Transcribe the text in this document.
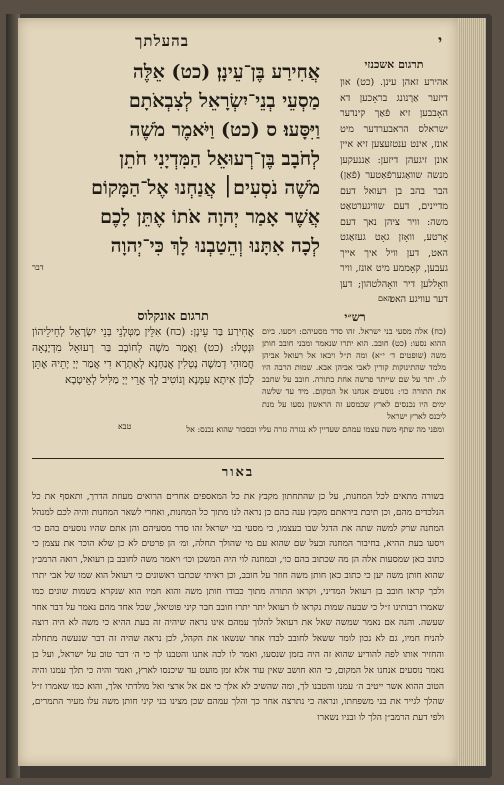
י
בהעלתך
תרגום אשכנזי

אהירע זאהן עינן. (כט) און דיזער אַרָנונג בראָכען דא האָבבען זיא פֿאַך קינדער ישראלס הראבערדער מיט אונז, אינט ענטזעצען זיא איין אונן זיגעהן דיזען: אַננעקען מנשה שוואַגערפֿאַטער (פֿאַן) הבר בהב בן רעואל דעם מדיינים, דעם שוויגערטאַט משה: וויר ציהן נאך דעם אָרטע, וואָזן גאָט געזאַגט האט, דען וויל איך אייך געבען, קאָממע מיט אונז, וויר וואָללען דיר וואָהלטהון; דען דער עוויגע האט

אֲחִירַע בֶּן־עֵינָן׃ (כט) אֵלֶּה
מַסְעֵי בְנֵי־יִשְׂרָאֵל לְצִבְאֹתָם
וַיִּסָּעוּ׃ ס (כט) וַיֹּאמֶר מֹשֶׁה
לְחֹבָב בֶּן־רְעוּאֵל הַמִּדְיָנִי חֹתֵן
מֹשֶׁה נֹסְעִים׀ אֲנַחְנוּ אֶל־הַמָּקוֹם
אֲשֶׁר אָמַר יְהוָה אֹתוֹ אֶתֵּן לָכֶם
לְכָה אִתָּנוּ וְהֵטַבְנוּ לָךְ כִּי־יְהוָה

דבר
האם
תרגום אונקלוס

אֲחִירַע בַּר עֵינָן: (כח) אִלֵּין מַטְּלָנֵי בְּנֵי יִשְׂרָאֵל לְחֵילֵיהוֹן וּנְטָלוּ: (כט) וַאֲמַר משֶׁה לְחוֹבָב בַּר רְעוּאֵל מִדְיָנָאָה חֲמוּהִי דְמשֶׁה נָטְלִין אֲנַחְנָא לְאַתְרָא דִי אֲמַר יְיָ יָתֵיהּ אֶתֵּן לְכוֹן אִיתָא עִמָּנָא וְנוֹטִיב לָךְ אֲרֵי יְיָ מַלִּיל לְאֵיטָבָא

טבא
רש״י

(כח) אלה מסעי בני ישראל. זהו סדר מסעיהם: ויסעו. ביום ההוא נסעו: (כט) חובב. הוא יתרו שנאמר ומבני חובב חותן משה (שופטים ד׳ י״א) ומה ת״ל ויבאו אל רעואל אביהן מלמד שהתינוקות קורין לאבי אביהן אבא. שמות הרבה היו לו. יתר על שם שייתר פרשה אחת בתורה. חובב על שחבב את התורה כו׳: נוסעים אנחנו אל המקום. מיד עד שלשה ימים היו נכנסים לארץ שבמסע זה הראשון נסעו על מנת ליכנס לארץ ישראל

ומפני מה שתף משה עצמו עמהם שעדיין לא נגזרה גזרה עליו ובסבור שהוא נכנס: אל

באור

בשורה מתאים לכל המחנות, על כן שהתחתון מקבץ את כל המאספים אחרים הרואים מעוזת הדרך, ותאסף את כל הנלכדים מהם, וכן תיבת ביראתם מקבץ ענה בהם כן נראה לנו מתוך כל המחנות, ואחרי לשאר המחנות והיה לכם למנהל המחנה שרק למשה שתה את הדגל שבו בעצמו, כי מסעי בני ישראל זהו סדר מסעיהם והן אתם שהיו נוסעים בהם כו׳ ויסעו בעת ההיא, בחיבור המחנה ובעל שם שהוא עם מי שהולך תחלה, ומ׳ הן פרטים לא כן שלא הוכר את עצמן כי כתוב כאן שמסעות אלה הן מה שכתוב בהם כו׳, ובמחנה לוי היה המשכן וכו׳ ויאמר משה לחובב בן רעואל, רואה הרמב״ן שהוא חותן משה יען כי כתוב כאן חותן משה חוזר על חובב, וכן ראיתי שכתבו ראשונים כי רעואל הוא שמו של אבי יתרו ולכך קראו חובב בן רעואל המדיני, וקראו התורה מתוך כבודו חותן משה והוא חמיו הוא שנקרא בשמות שונים כמו שאמרו רבותינו ז״ל כי שבעה שמות נקראו לו רעואל יתר יתרו חובב חבר קיני פוטיאל, שכל אחד מהם נאמר על דבר אחר שעשה. והנה אם נאמר שמשה שאל את רעואל להלוך עמהם אינו נראה שיהיה זה בעת ההיא כי משה לא היה רוצה להניח חמיו, גם לא נכון לומר ששאל לחובב לבדו אחר שנשאו את הקהל, לכן נראה שהיה זה דבר שנעשה מתחלה והחזיר אותו לפה להודיע שהוא זה היה בזמן שנסעו, ואמר לו לכה אתנו והטבנו לך כי ה׳ דבר טוב על ישראל, ועל כן נאמר נוסעים אנחנו אל המקום, כי הוא חושב שאין עוד אלא זמן מועט עד שיכנסו לארץ, ואמר והיה כי תלך עמנו והיה הטוב ההוא אשר ייטיב ה׳ עמנו והטבנו לך, ומה שהשיב לא אלך כי אם אל ארצי ואל מולדתי אלך, והוא כמו שאמרו ז״ל שהלך לגייר את בני משפחתו, ונראה כי נתרצה אחר כך והלך עמהם שכן מצינו בני קיני חותן משה עלו מעיר התמרים, ולפי דעת הרמב״ן הלך לו ובניו נשארו
